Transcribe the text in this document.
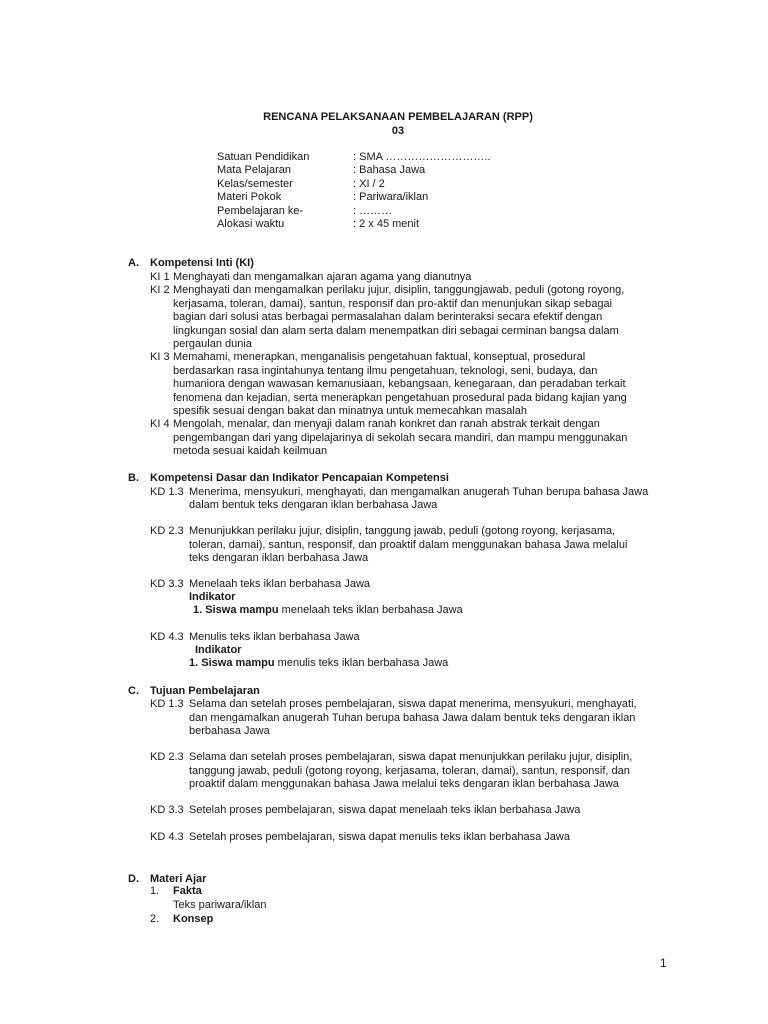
RENCANA PELAKSANAAN PEMBELAJARAN (RPP)
03
Satuan Pendidikan	: SMA ………………………..
Mata Pelajaran	: Bahasa Jawa
Kelas/semester	: XI / 2
Materi Pokok	: Pariwara/iklan
Pembelajaran ke-	: ………
Alokasi waktu	: 2 x 45 menit
A. Kompetensi Inti (KI)
KI 1 Menghayati dan mengamalkan ajaran agama yang dianutnya
KI 2 Menghayati dan mengamalkan perilaku jujur, disiplin, tanggungjawab, peduli (gotong royong,
kerjasama, toleran, damai), santun, responsif dan pro-aktif dan menunjukan sikap sebagai
bagian dari solusi atas berbagai permasalahan dalam berinteraksi secara efektif dengan
lingkungan sosial dan alam serta dalam menempatkan diri sebagai cerminan bangsa dalam
pergaulan dunia
KI 3 Memahami, menerapkan, menganalisis pengetahuan faktual, konseptual, prosedural
berdasarkan rasa ingintahunya tentang ilmu pengetahuan, teknologi, seni, budaya, dan
humaniora dengan wawasan kemanusiaan, kebangsaan, kenegaraan, dan peradaban terkait
fenomena dan kejadian, serta menerapkan pengetahuan prosedural pada bidang kajian yang
spesifik sesuai dengan bakat dan minatnya untuk memecahkan masalah
KI 4 Mengolah, menalar, dan menyaji dalam ranah konkret dan ranah abstrak terkait dengan
pengembangan dari yang dipelajarinya di sekolah secara mandiri, dan mampu menggunakan
metoda sesuai kaidah keilmuan
B. Kompetensi Dasar dan Indikator Pencapaian Kompetensi
KD 1.3 Menerima, mensyukuri, menghayati, dan mengamalkan anugerah Tuhan berupa bahasa Jawa
dalam bentuk teks dengaran iklan berbahasa Jawa
KD 2.3 Menunjukkan perilaku jujur, disiplin, tanggung jawab, peduli (gotong royong, kerjasama,
toleran, damai), santun, responsif, dan proaktif dalam menggunakan bahasa Jawa melalui
teks dengaran iklan berbahasa Jawa
KD 3.3 Menelaah teks iklan berbahasa Jawa
Indikator
1. Siswa mampu menelaah teks iklan berbahasa Jawa
KD 4.3 Menulis teks iklan berbahasa Jawa
Indikator
1. Siswa mampu menulis teks iklan berbahasa Jawa
C. Tujuan Pembelajaran
KD 1.3 Selama dan setelah proses pembelajaran, siswa dapat menerima, mensyukuri, menghayati,
dan mengamalkan anugerah Tuhan berupa bahasa Jawa dalam bentuk teks dengaran iklan
berbahasa Jawa
KD 2.3 Selama dan setelah proses pembelajaran, siswa dapat menunjukkan perilaku jujur, disiplin,
tanggung jawab, peduli (gotong royong, kerjasama, toleran, damai), santun, responsif, dan
proaktif dalam menggunakan bahasa Jawa melalui teks dengaran iklan berbahasa Jawa
KD 3.3 Setelah proses pembelajaran, siswa dapat menelaah teks iklan berbahasa Jawa
KD 4.3 Setelah proses pembelajaran, siswa dapat menulis teks iklan berbahasa Jawa
D. Materi Ajar
1. Fakta
Teks pariwara/iklan
2. Konsep
1
